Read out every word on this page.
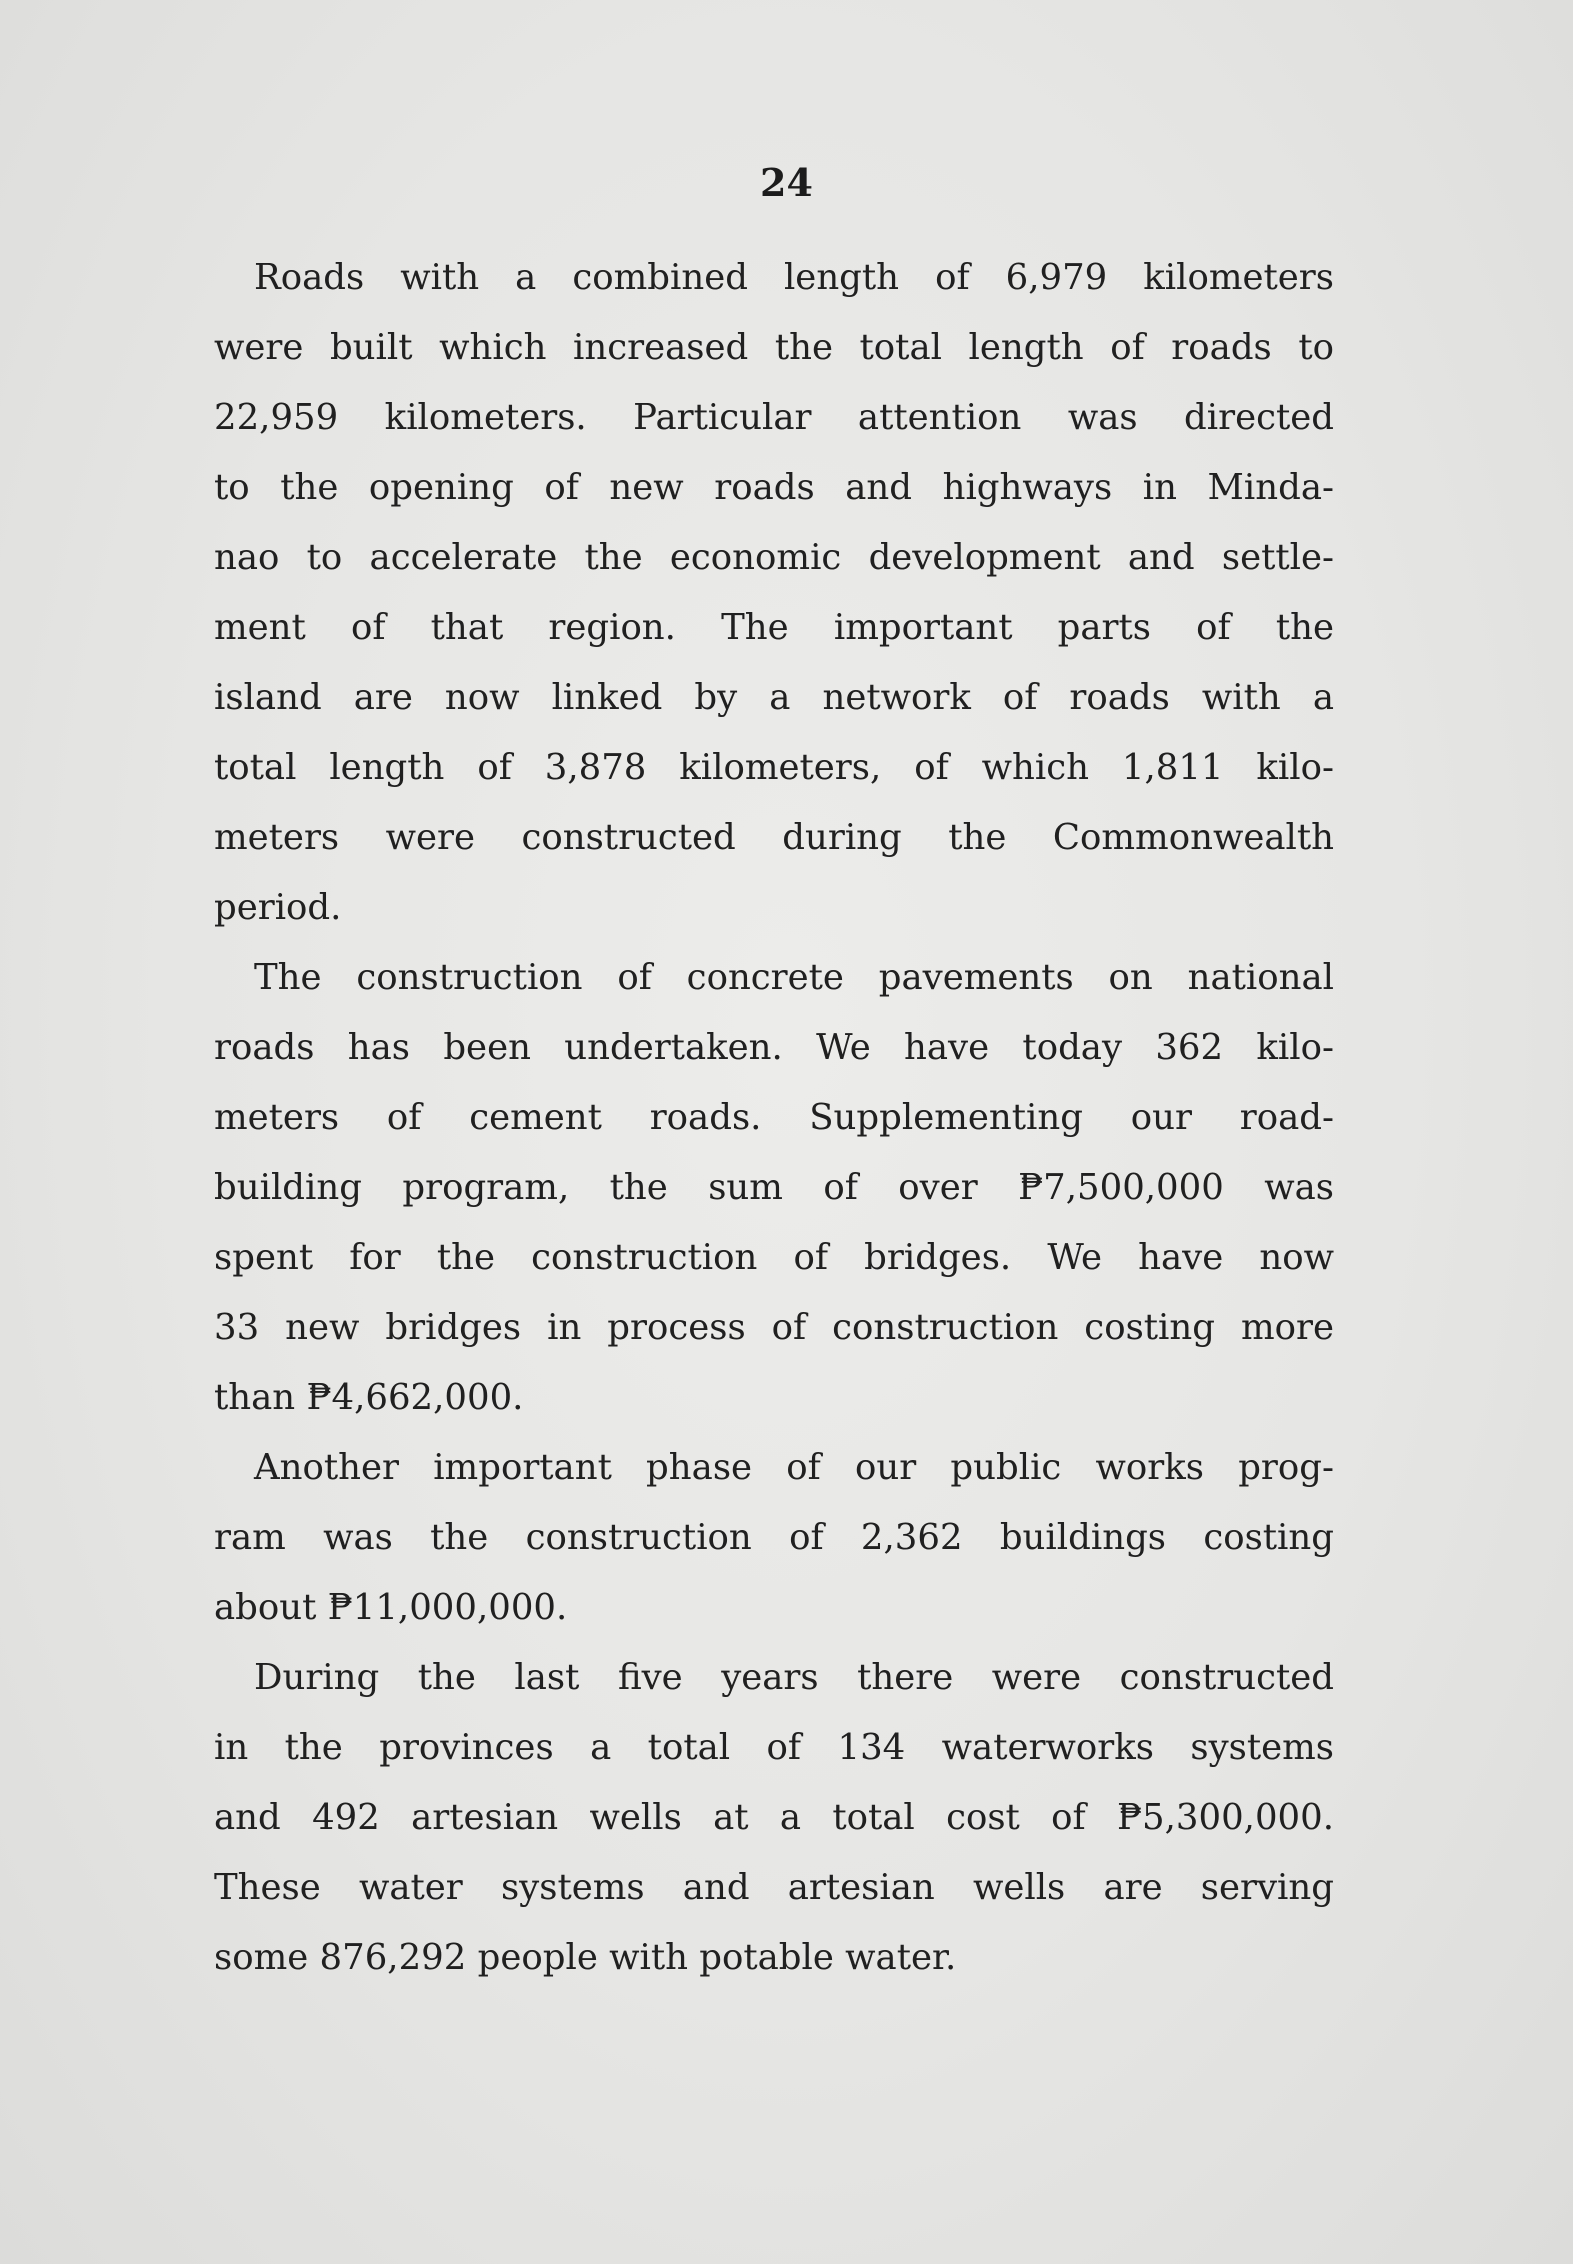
24

Roads with a combined length of 6,979 kilometers
were built which increased the total length of roads to
22,959 kilometers. Particular attention was directed
to the opening of new roads and highways in Minda-
nao to accelerate the economic development and settle-
ment of that region. The important parts of the
island are now linked by a network of roads with a
total length of 3,878 kilometers, of which 1,811 kilo-
meters were constructed during the Commonwealth
period.
The construction of concrete pavements on national
roads has been undertaken. We have today 362 kilo-
meters of cement roads. Supplementing our road-
building program, the sum of over ₱7,500,000 was
spent for the construction of bridges. We have now
33 new bridges in process of construction costing more
than ₱4,662,000.
Another important phase of our public works prog-
ram was the construction of 2,362 buildings costing
about ₱11,000,000.
During the last five years there were constructed
in the provinces a total of 134 waterworks systems
and 492 artesian wells at a total cost of ₱5,300,000.
These water systems and artesian wells are serving
some 876,292 people with potable water.
